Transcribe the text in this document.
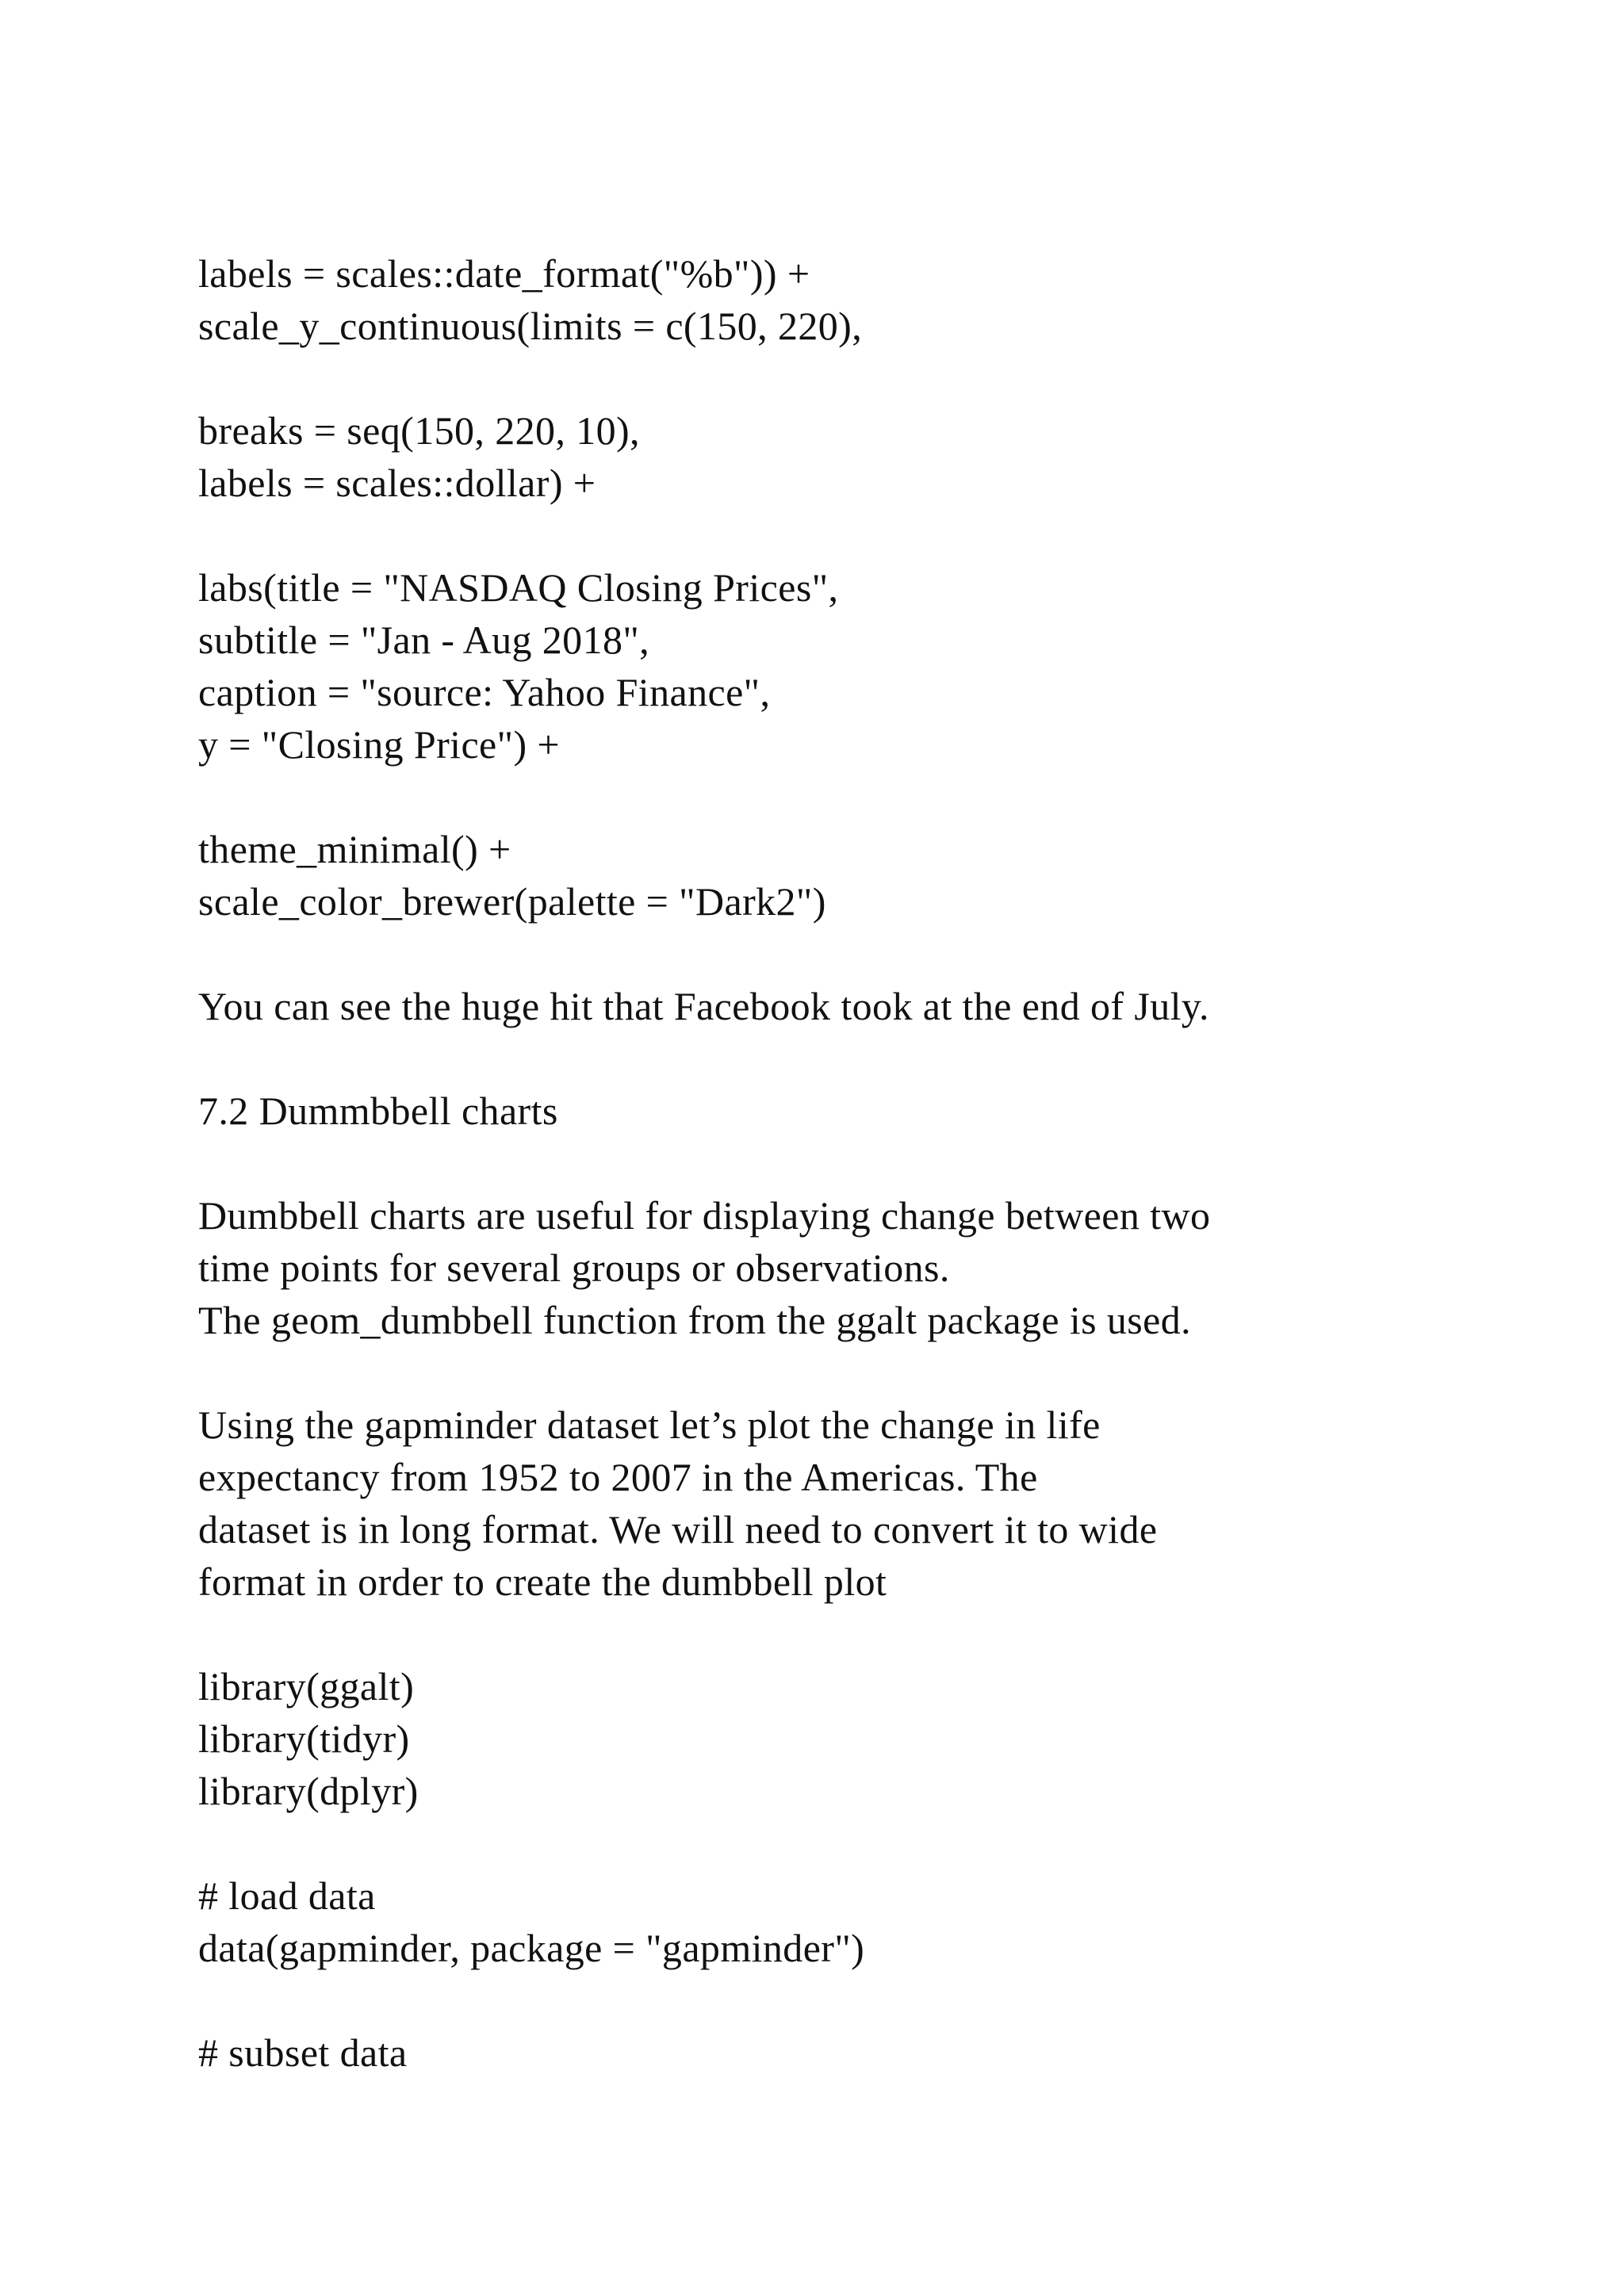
labels = scales::date_format("%b")) +
scale_y_continuous(limits = c(150, 220),
breaks = seq(150, 220, 10),
labels = scales::dollar) +
labs(title = "NASDAQ Closing Prices",
subtitle = "Jan - Aug 2018",
caption = "source: Yahoo Finance",
y = "Closing Price") +
theme_minimal() +
scale_color_brewer(palette = "Dark2")
You can see the huge hit that Facebook took at the end of July.
7.2 Dummbbell charts
Dumbbell charts are useful for displaying change between two
time points for several groups or observations.
The geom_dumbbell function from the ggalt package is used.
Using the gapminder dataset let’s plot the change in life
expectancy from 1952 to 2007 in the Americas. The
dataset is in long format. We will need to convert it to wide
format in order to create the dumbbell plot
library(ggalt)
library(tidyr)
library(dplyr)
# load data
data(gapminder, package = "gapminder")
# subset data
